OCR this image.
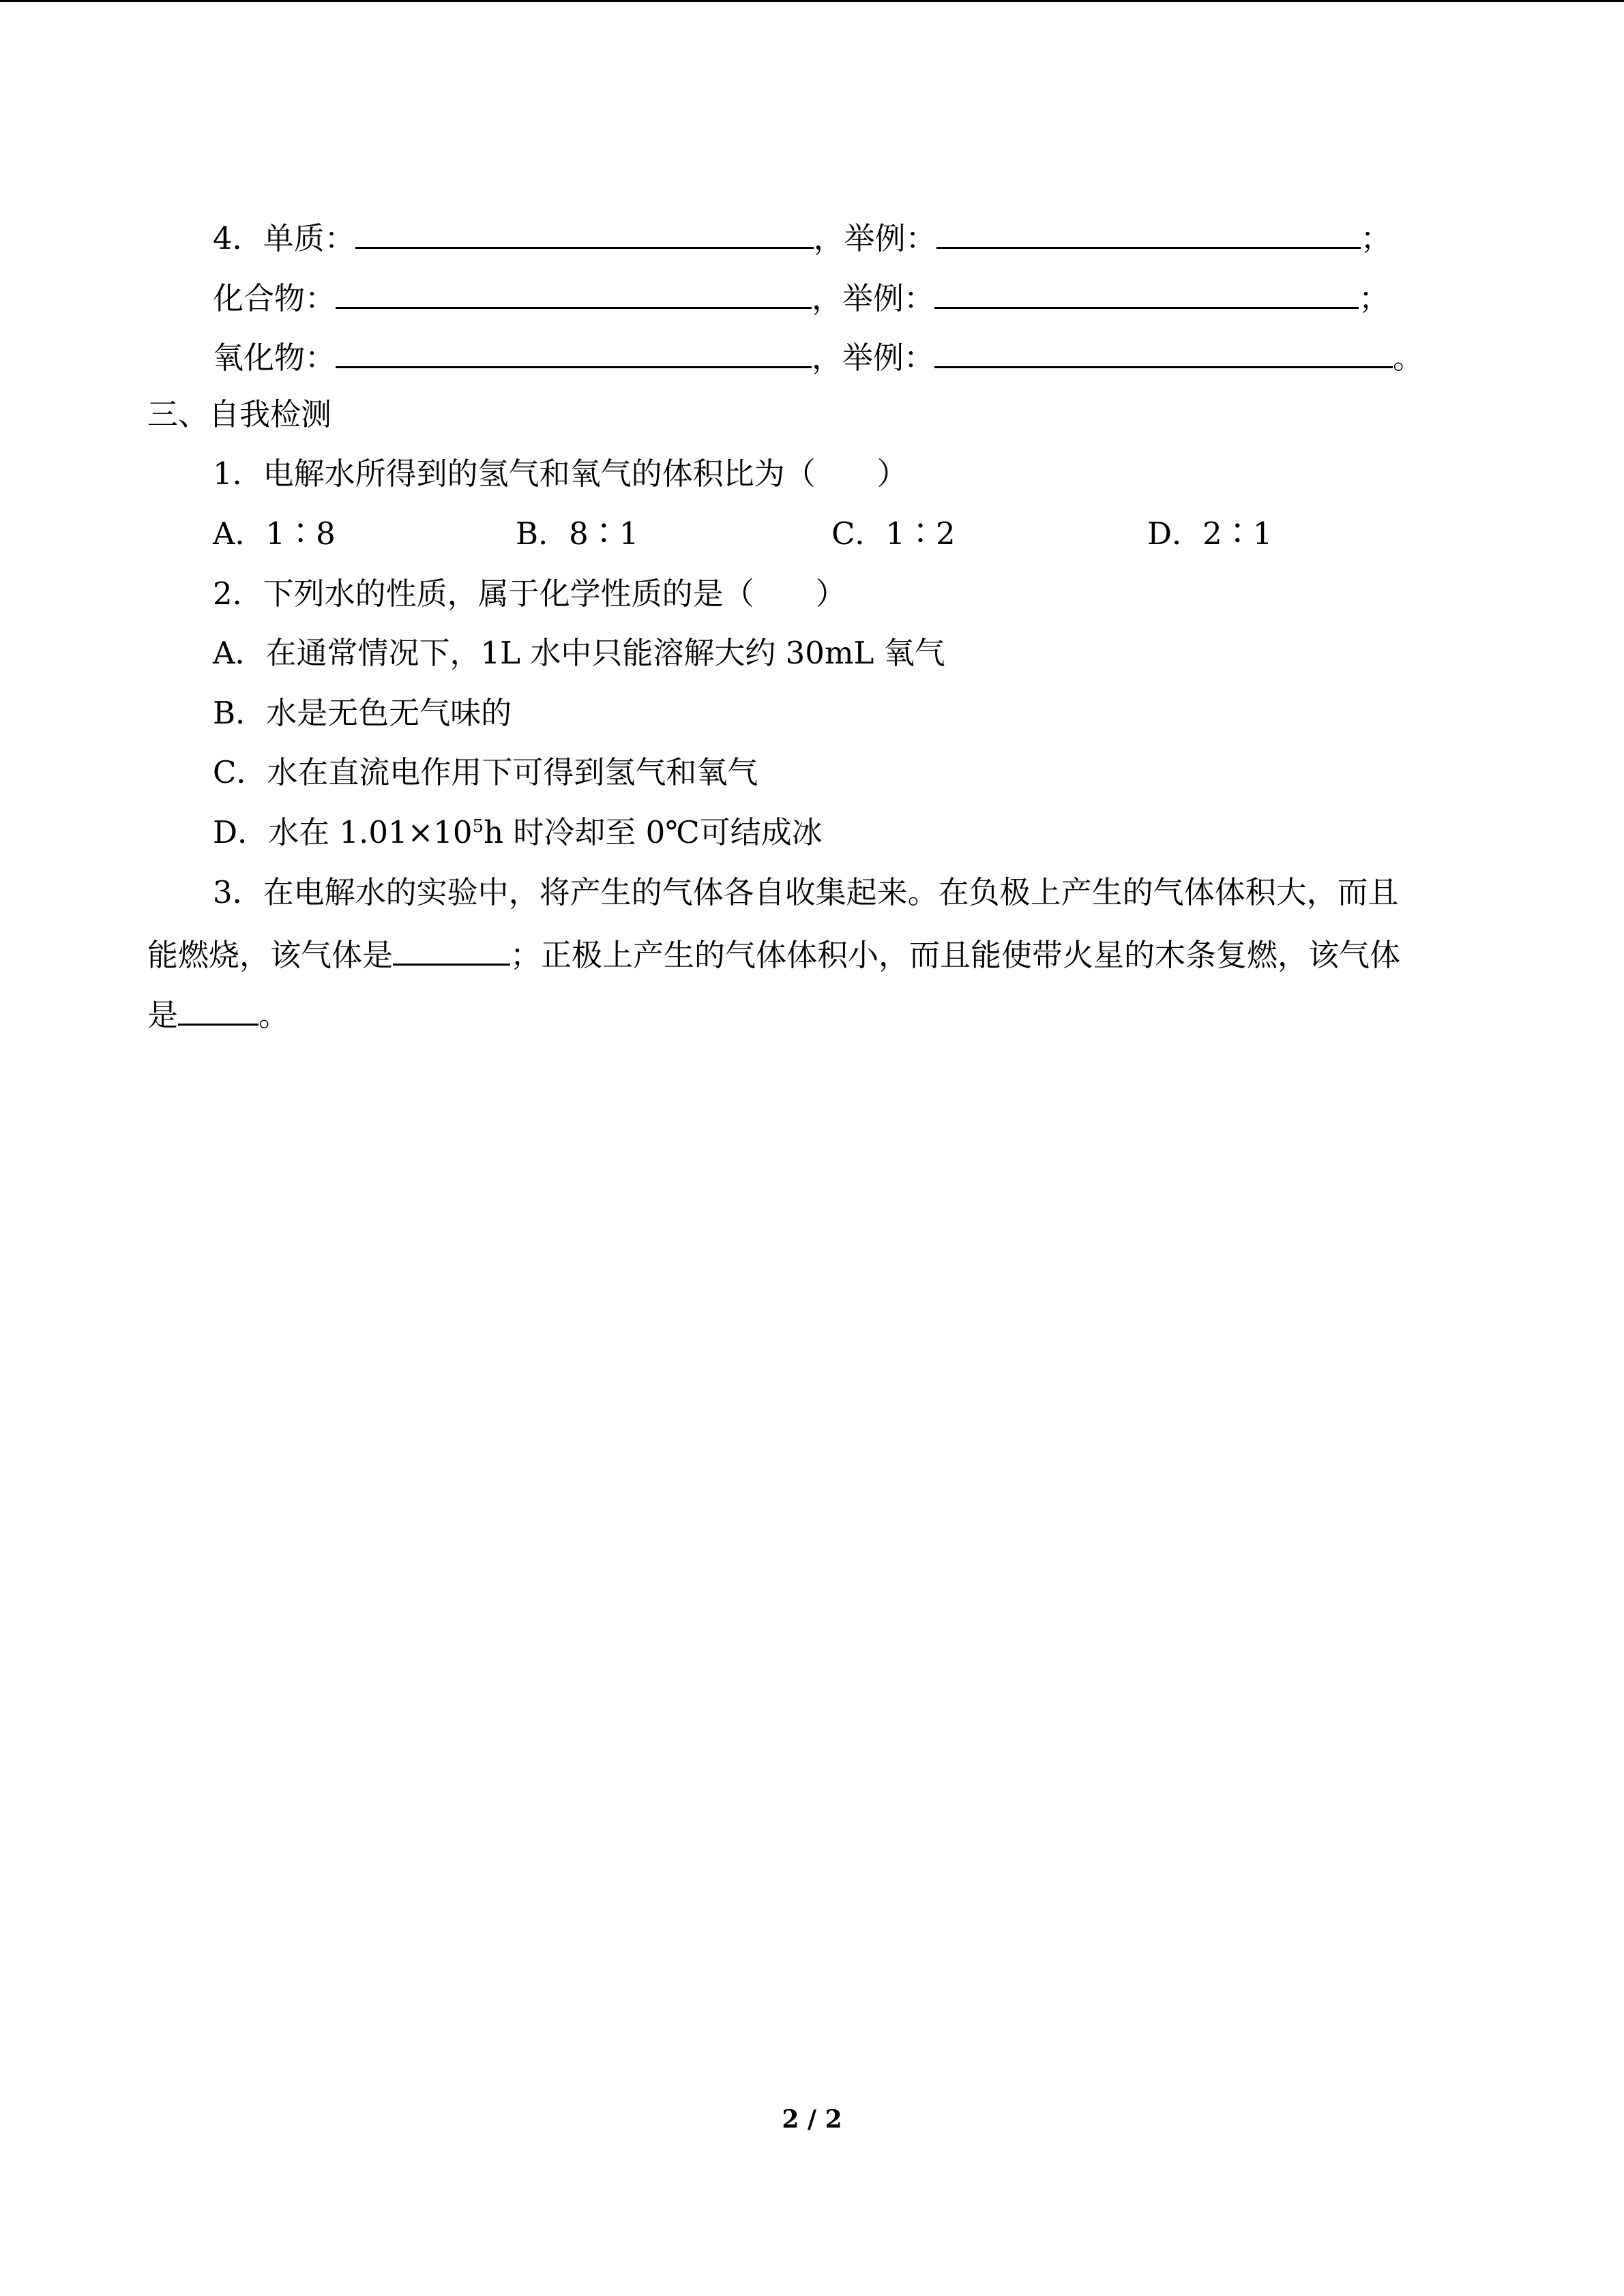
4．单质：	，举例：	；
化合物：	，举例：	；
氧化物：	，举例：	。
三、自我检测
1．电解水所得到的氢气和氧气的体积比为（　　）
A．1∶8	B．8∶1	C．1∶2	D．2∶1
2．下列水的性质，属于化学性质的是（　　）
A．在通常情况下，1L 水中只能溶解大约 30mL 氧气
B．水是无色无气味的
C．水在直流电作用下可得到氢气和氧气
D．水在 $1.01\times 10^5h$ 时冷却至 0℃可结成冰
3．在电解水的实验中，将产生的气体各自收集起来。在负极上产生的气体体积大，而且
能燃烧，该气体是	；正极上产生的气体体积小，而且能使带火星的木条复燃，该气体
是	。
2 / 2
